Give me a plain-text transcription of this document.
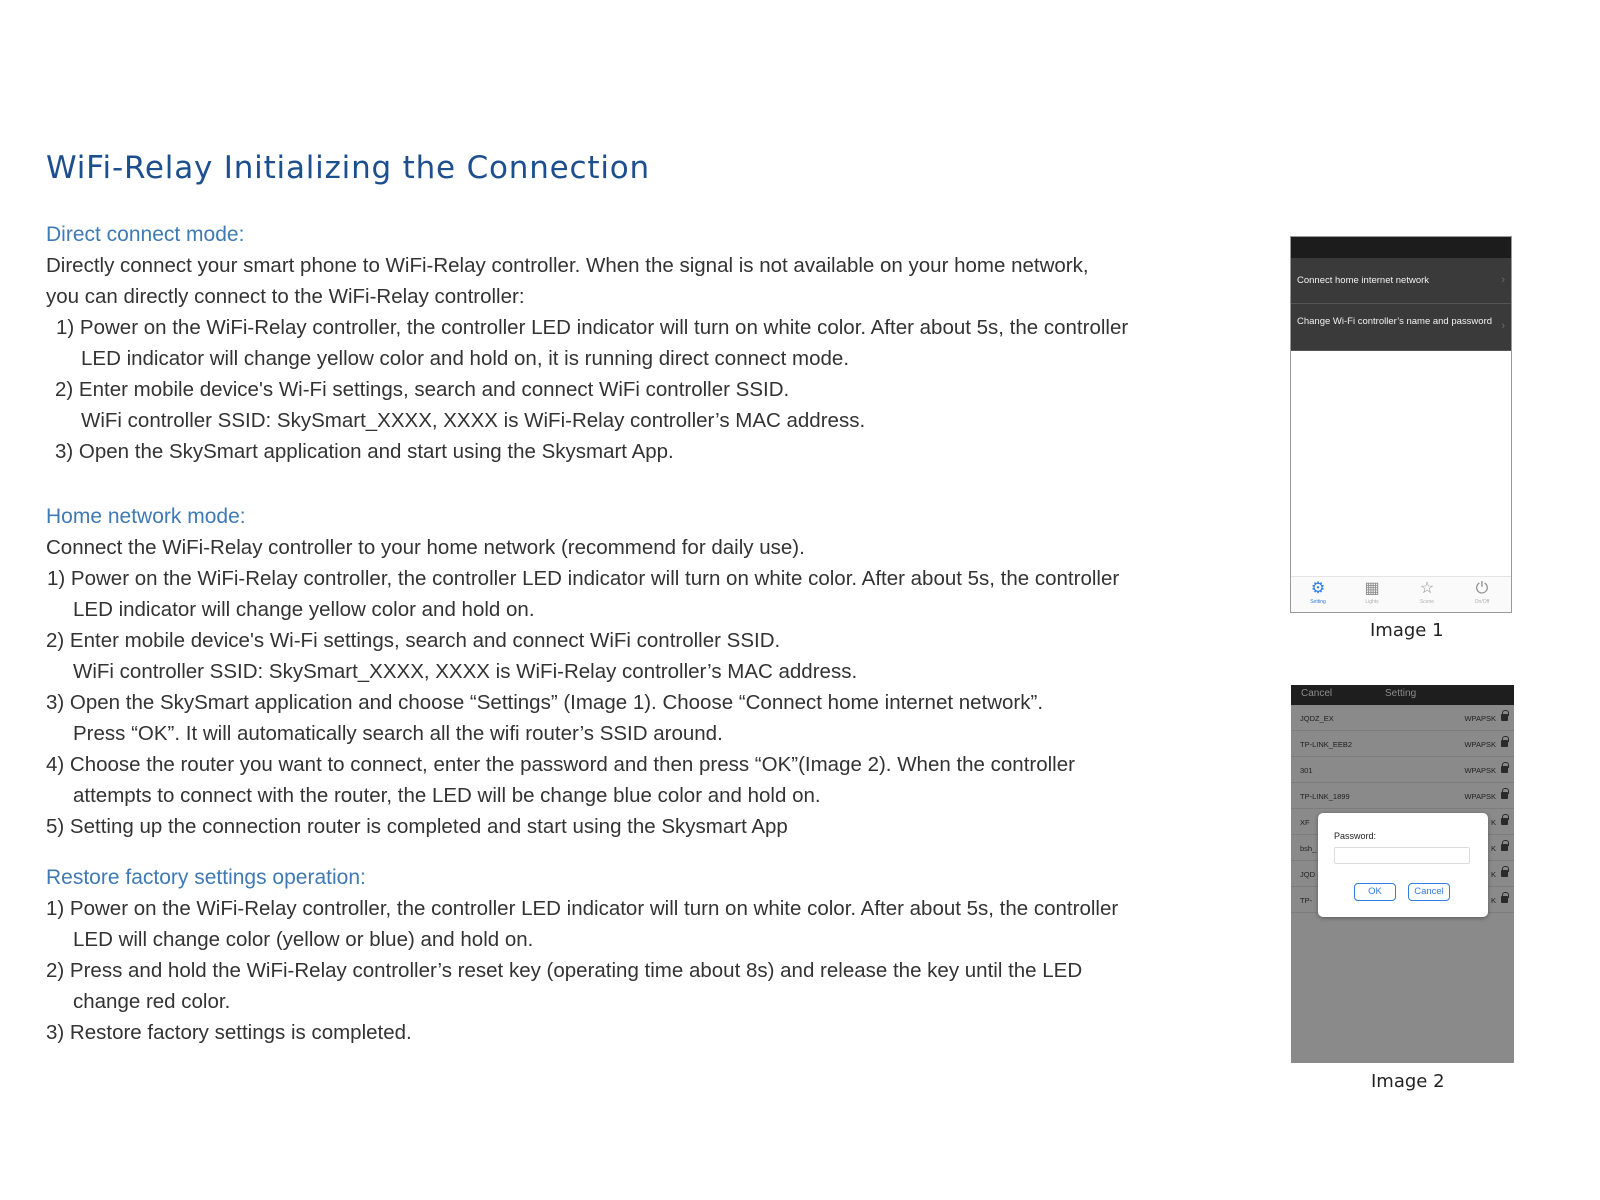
WiFi-Relay Initializing the Connection
Direct connect mode:
Directly connect your smart phone to WiFi-Relay controller. When the signal is not available on your home network,
you can directly connect to the WiFi-Relay controller:
1) Power on the WiFi-Relay controller, the controller LED indicator will turn on white color. After about 5s, the controller
LED indicator will change yellow color and hold on, it is running direct connect mode.
2) Enter mobile device's Wi-Fi settings, search and connect WiFi controller SSID.
WiFi controller SSID: SkySmart_XXXX, XXXX is WiFi-Relay controller’s MAC address.
3) Open the SkySmart application and start using the Skysmart App.
Home network mode:
Connect the WiFi-Relay controller to your home network (recommend for daily use).
1) Power on the WiFi-Relay controller, the controller LED indicator will turn on white color. After about 5s, the controller
LED indicator will change yellow color and hold on.
2) Enter mobile device's Wi-Fi settings, search and connect WiFi controller SSID.
WiFi controller SSID: SkySmart_XXXX, XXXX is WiFi-Relay controller’s MAC address.
3) Open the SkySmart application and choose “Settings” (Image 1). Choose “Connect home internet network”.
Press “OK”. It will automatically search all the wifi router’s SSID around.
4) Choose the router you want to connect, enter the password and then press “OK”(Image 2). When the controller
attempts to connect with the router, the LED will be change blue color and hold on.
5) Setting up the connection router is completed and start using the Skysmart App
Restore factory settings operation:
1) Power on the WiFi-Relay controller, the controller LED indicator will turn on white color. After about 5s, the controller
LED will change color (yellow or blue) and hold on.
2) Press and hold the WiFi-Relay controller’s reset key (operating time about 8s) and release the key until the LED
change red color.
3) Restore factory settings is completed.
Connect home internet network	›
Change Wi-Fi controller’s name and password ›
⚙
Setting
▦
Lights
☆
Scene
⏻
On/Off
Image 1
Cancel	Setting
JQDZ_EX	WPAPSK
TP-LINK_EEB2	WPAPSK
301	WPAPSK
TP-LINK_1899	WPAPSK
XF	K
bsh_	K
JQD	K
TP-	K
Password:
OK	Cancel
Image 2
